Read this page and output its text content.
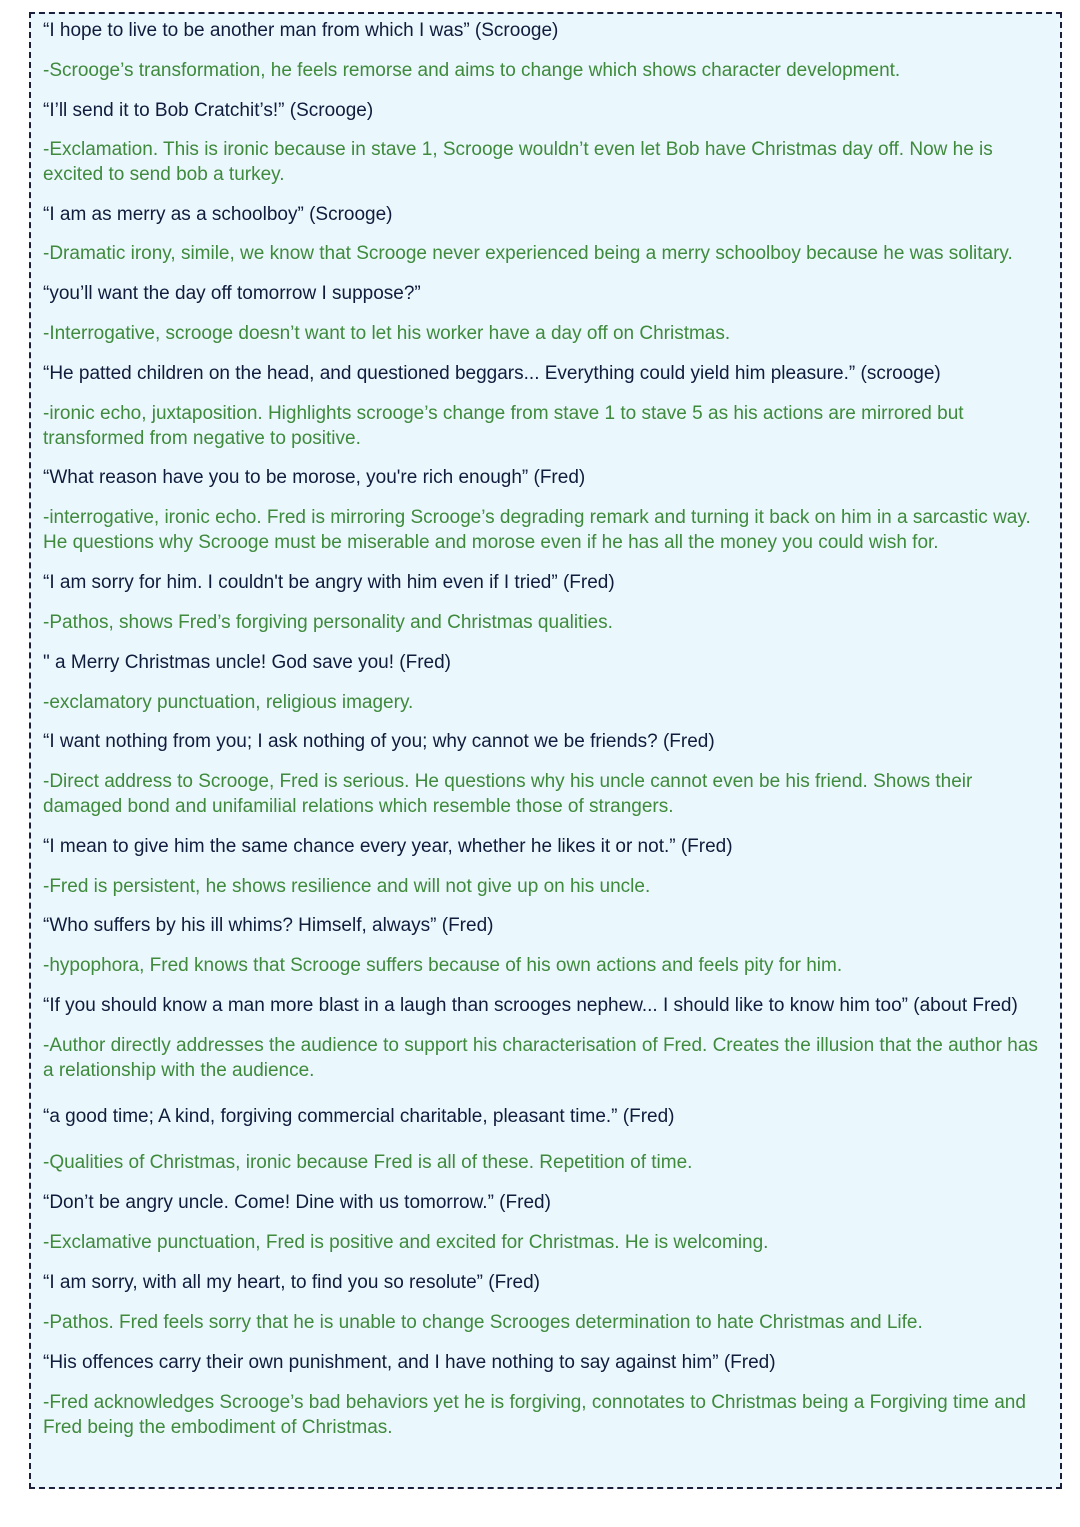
“I hope to live to be another man from which I was” (Scrooge)

-Scrooge’s transformation, he feels remorse and aims to change which shows character development.

“I’ll send it to Bob Cratchit’s!” (Scrooge)

-Exclamation. This is ironic because in stave 1, Scrooge wouldn’t even let Bob have Christmas day off. Now he is excited to send bob a turkey.

“I am as merry as a schoolboy” (Scrooge)

-Dramatic irony, simile, we know that Scrooge never experienced being a merry schoolboy because he was solitary.

“you’ll want the day off tomorrow I suppose?”

-Interrogative, scrooge doesn’t want to let his worker have a day off on Christmas.

“He patted children on the head, and questioned beggars... Everything could yield him pleasure.” (scrooge)

-ironic echo, juxtaposition. Highlights scrooge’s change from stave 1 to stave 5 as his actions are mirrored but transformed from negative to positive.

“What reason have you to be morose, you're rich enough” (Fred)

-interrogative, ironic echo. Fred is mirroring Scrooge’s degrading remark and turning it back on him in a sarcastic way. He questions why Scrooge must be miserable and morose even if he has all the money you could wish for.

“I am sorry for him. I couldn't be angry with him even if I tried” (Fred)

-Pathos, shows Fred’s forgiving personality and Christmas qualities.

" a Merry Christmas uncle! God save you! (Fred)

-exclamatory punctuation, religious imagery.

“I want nothing from you; I ask nothing of you; why cannot we be friends? (Fred)

-Direct address to Scrooge, Fred is serious. He questions why his uncle cannot even be his friend. Shows their damaged bond and unifamilial relations which resemble those of strangers.

“I mean to give him the same chance every year, whether he likes it or not.” (Fred)

-Fred is persistent, he shows resilience and will not give up on his uncle.

“Who suffers by his ill whims? Himself, always” (Fred)

-hypophora, Fred knows that Scrooge suffers because of his own actions and feels pity for him.

“If you should know a man more blast in a laugh than scrooges nephew... I should like to know him too” (about Fred)

-Author directly addresses the audience to support his characterisation of Fred. Creates the illusion that the author has a relationship with the audience.

“a good time; A kind, forgiving commercial charitable, pleasant time.” (Fred)

-Qualities of Christmas, ironic because Fred is all of these. Repetition of time.

“Don’t be angry uncle. Come! Dine with us tomorrow.” (Fred)

-Exclamative punctuation, Fred is positive and excited for Christmas. He is welcoming.

“I am sorry, with all my heart, to find you so resolute” (Fred)

-Pathos. Fred feels sorry that he is unable to change Scrooges determination to hate Christmas and Life.

“His offences carry their own punishment, and I have nothing to say against him” (Fred)

-Fred acknowledges Scrooge’s bad behaviors yet he is forgiving, connotates to Christmas being a Forgiving time and Fred being the embodiment of Christmas.
